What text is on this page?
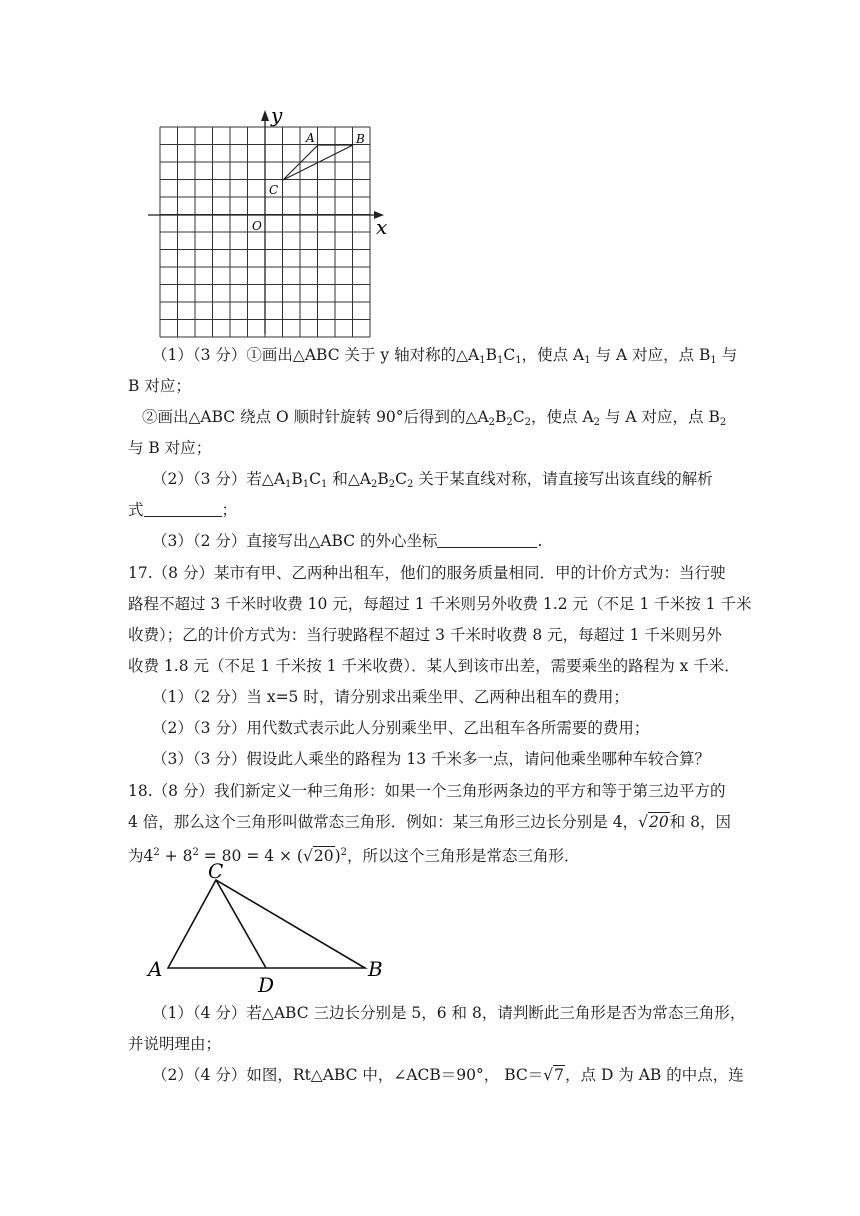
y
x
O
A	B
C
（1）（3 分）①画出△ABC 关于 y 轴对称的$\triangle A_1B_1C_1$，使点 $A_1$ 与 A 对应，点 $B_1$ 与
B 对应；
②画出△ABC 绕点 O 顺时针旋转 90°后得到的$\triangle A_2B_2C_2$，使点 $A_2$ 与 A 对应，点 $B_2$
与 B 对应；
（2）（3 分）若$\triangle A_1B_1C_1$ 和$\triangle A_2B_2C_2$ 关于某直线对称，请直接写出该直线的解析
式	；
（3）（2 分）直接写出△ABC 的外心坐标	.
17.（8 分）某市有甲、乙两种出租车，他们的服务质量相同．甲的计价方式为：当行驶
路程不超过 3 千米时收费 10 元，每超过 1 千米则另外收费 1.2 元（不足 1 千米按 1 千米
收费）；乙的计价方式为：当行驶路程不超过 3 千米时收费 8 元，每超过 1 千米则另外
收费 1.8 元（不足 1 千米按 1 千米收费）．某人到该市出差，需要乘坐的路程为 x 千米．
（1）（2 分）当 x=5 时，请分别求出乘坐甲、乙两种出租车的费用；
（2）（3 分）用代数式表示此人分别乘坐甲、乙出租车各所需要的费用；
（3）（3 分）假设此人乘坐的路程为 13 千米多一点，请问他乘坐哪种车较合算？
18.（8 分）我们新定义一种三角形：如果一个三角形两条边的平方和等于第三边平方的
4 倍，那么这个三角形叫做常态三角形．例如：某三角形三边长分别是 4，√20和 8，因
为$4^2 + 8^2 = 80 = 4 \times (√20)^2$，所以这个三角形是常态三角形．
C
A
D
B
（1）（4 分）若△ABC 三边长分别是 5，6 和 8，请判断此三角形是否为常态三角形，
并说明理由；
（2）（4 分）如图，Rt△ABC 中，∠ACB＝90°， BC＝√7，点 D 为 AB 的中点，连
